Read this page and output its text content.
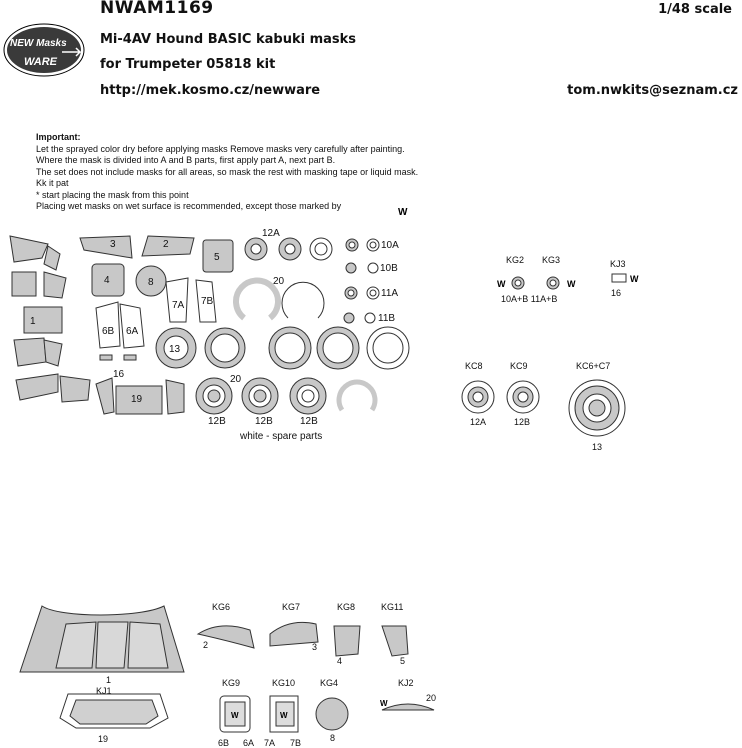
NEW Masks
WARE
NWAM1169	1/48 scale
Mi-4AV Hound BASIC kabuki masks
for Trumpeter 05818 kit
http://mek.kosmo.cz/newware	tom.nwkits@seznam.cz
Important:
Let the sprayed color dry before applying masks Remove masks very carefully after painting.
Where the mask is divided into A and B parts, first apply part A, next part B.
The set does not include masks for all areas, so mask the rest with masking tape or liquid mask.
Kk it pat
* start placing the mask from this point
Placing wet masks on wet surface is recommended, except those marked by
W
3	2
4	8
5
1
6B 6A
7A 7B
16
19
13
20
12A
10A
10B
11A
11B
20
12B	12B	12B
white - spare parts
KG2 KG3
10A+B 11A+B
KJ3
16
W	W	W
KC8	KC9	KC6+C7
12A	12B
13
KG6	KG7	KG8	KG11
2	3
4	5
KG9	KG10	KG4	KJ2
KJ1
6B 6A 7A 7B	8
20
1
19
W	W
W
